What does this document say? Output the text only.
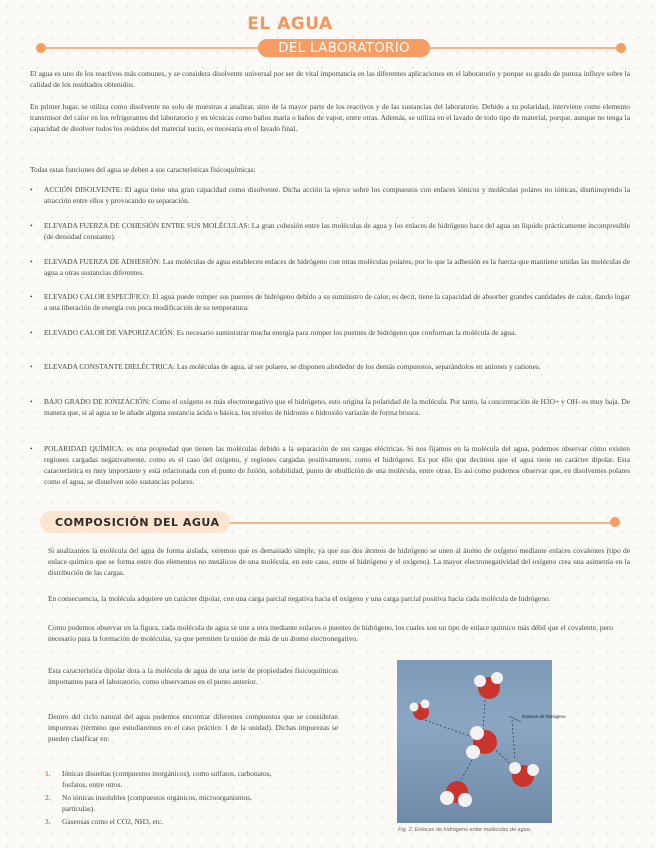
EL AGUA
DEL LABORATORIO
El agua es uno de los reactivos más comunes, y se considera disolvente universal por ser de vital importancia en las diferentes aplicaciones en el laboratorio y porque su grado de pureza influye sobre la calidad de los resultados obtenidos.
En primer lugar, se utiliza como disolvente no solo de muestras a analizar, sino de la mayor parte de los reactivos y de las sustancias del laboratorio. Debido a su polaridad, interviene como elemento transmisor del calor en los refrigerantes del laboratorio y en técnicas como baños maría o baños de vapor, entre otras. Además, se utiliza en el lavado de todo tipo de material, porque, aunque no tenga la capacidad de disolver todos los residuos del material sucio, es necesaria en el lavado final.
Todas estas funciones del agua se deben a sus características fisicoquímicas:
• ACCIÓN DISOLVENTE: El agua tiene una gran capacidad como disolvente. Dicha acción la ejerce sobre los compuestos con enlaces iónicos y moléculas polares no iónicas, disminuyendo la atracción entre ellos y provocando su separación.
• ELEVADA FUERZA DE COHESIÓN ENTRE SUS MOLÉCULAS: La gran cohesión entre las moléculas de agua y los enlaces de hidrógeno hace del agua un líquido prácticamente incompresible (de densidad constante).
• ELEVADA FUERZA DE ADHESIÓN: Las moléculas de agua establecen enlaces de hidrógeno con otras moléculas polares, por lo que la adhesión es la fuerza que mantiene unidas las moléculas de agua a otras sustancias diferentes.
• ELEVADO CALOR ESPECÍFICO: El agua puede romper sus puentes de hidrógeno debido a su suministro de calor, es decir, tiene la capacidad de absorber grandes cantidades de calor, dando lugar a una liberación de energía con poca modificación de su temperatura.
• ELEVADO CALOR DE VAPORIZACIÓN: Es necesario suministrar mucha energía para romper los puentes de hidrógeno que conforman la molécula de agua.
• ELEVADA CONSTANTE DIELÉCTRICA: Las moléculas de agua, al ser polares, se disponen alrededor de los demás compuestos, separándolos en aniones y cationes.
• BAJO GRADO DE IONIZACIÓN: Como el oxígeno es más electronegativo que el hidrógeno, esto origina la polaridad de la molécula. Por tanto, la concentración de H3O+ y OH- es muy baja. De manera que, si al agua se le añade alguna sustancia ácida o básica, los niveles de hidronio e hidroxilo variarán de forma brusca.
• POLARIDAD QUÍMICA: es una propiedad que tienen las moléculas debido a la separación de sus cargas eléctricas. Si nos fijamos en la molécula del agua, podemos observar cómo existen regiones cargadas negativamente, como es el caso del oxígeno, y regiones cargadas positivamente, como el hidrógeno. Es por ello que decimos que el agua tiene un carácter dipolar. Esta característica es muy importante y está relacionada con el punto de fusión, solubilidad, punto de ebullición de una molécula, entre otras. Es así como podemos observar que, en disolventes polares como el agua, se disuelven solo sustancias polares.
COMPOSICIÓN DEL AGUA
Si analizamos la molécula del agua de forma aislada, veremos que es demasiado simple, ya que sus dos átomos de hidrógeno se unen al átomo de oxígeno mediante enlaces covalentes (tipo de enlace químico que se forma entre dos elementos no metálicos de una molécula, en este caso, entre el hidrógeno y el oxígeno). La mayor electronegatividad del oxígeno crea una asimetría en la distribución de las cargas.
En consecuencia, la molécula adquiere un carácter dipolar, con una carga parcial negativa hacia el oxígeno y una carga parcial positiva hacia cada molécula de hidrógeno.
Como podemos observar en la figura, cada molécula de agua se une a otra mediante enlaces o puentes de hidrógeno, los cuales son un tipo de enlace químico más débil que el covalente, pero necesario para la formación de moléculas, ya que permiten la unión de más de un átomo electronegativo.
Esta característica dipolar dota a la molécula de agua de una serie de propiedades fisicoquímicas importantes para el laboratorio, como observamos en el punto anterior.
Dentro del ciclo natural del agua podemos encontrar diferentes compuestos que se consideran impurezas (término que estudiaremos en el caso práctico 1 de la unidad). Dichas impurezas se pueden clasificar en:
1. Iónicas disueltas (compuestos inorgánicos), como sulfatos, carbonatos, fosfatos, entre otros.
2. No iónicas insolubles (compuestos orgánicos, microorganismos, partículas).
3. Gaseosas como el CO2, NH3, etc.
Enlaces de hidrógeno
Fig. 2. Enlaces de hidrógeno entre moléculas de agua.
